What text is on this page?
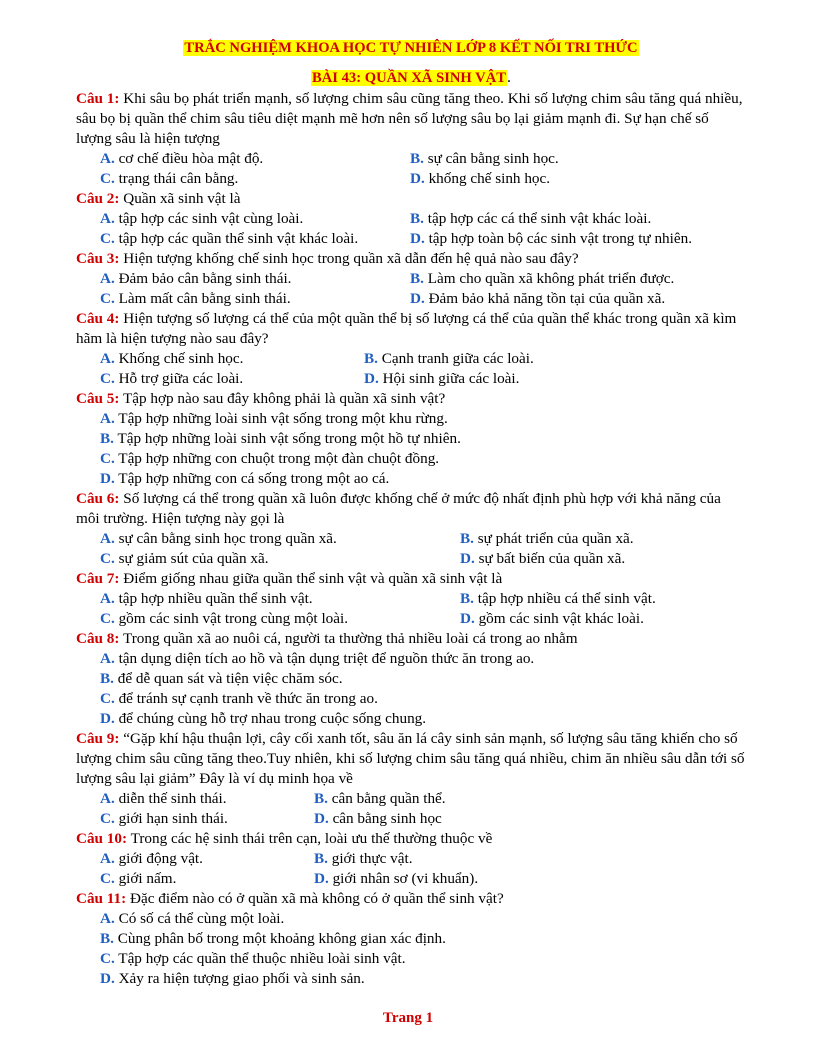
TRẮC NGHIỆM KHOA HỌC TỰ NHIÊN LỚP 8 KẾT NỐI TRI THỨC
BÀI 43: QUẦN XÃ SINH VẬT.
Câu 1: Khi sâu bọ phát triển mạnh, số lượng chim sâu cũng tăng theo. Khi số lượng chim sâu tăng quá nhiều, sâu bọ bị quần thể chim sâu tiêu diệt mạnh mẽ hơn nên số lượng sâu bọ lại giảm mạnh đi. Sự hạn chế số lượng sâu là hiện tượng
A. cơ chế điều hòa mật độ.	B. sự cân bằng sinh học.
C. trạng thái cân bằng.	D. khống chế sinh học.
Câu 2: Quần xã sinh vật là
A. tập hợp các sinh vật cùng loài.	B. tập hợp các cá thể sinh vật khác loài.
C. tập hợp các quần thể sinh vật khác loài.	D. tập hợp toàn bộ các sinh vật trong tự nhiên.
Câu 3: Hiện tượng khống chế sinh học trong quần xã dẫn đến hệ quả nào sau đây?
A. Đảm bảo cân bằng sinh thái.	B. Làm cho quần xã không phát triển được.
C. Làm mất cân bằng sinh thái.	D. Đảm bảo khả năng tồn tại của quần xã.
Câu 4: Hiện tượng số lượng cá thể của một quần thể bị số lượng cá thể của quần thể khác trong quần xã kìm hãm là hiện tượng nào sau đây?
A. Khống chế sinh học.	B. Cạnh tranh giữa các loài.
C. Hỗ trợ giữa các loài.	D. Hội sinh giữa các loài.
Câu 5: Tập hợp nào sau đây không phải là quần xã sinh vật?
A. Tập hợp những loài sinh vật sống trong một khu rừng.
B. Tập hợp những loài sinh vật sống trong một hồ tự nhiên.
C. Tập hợp những con chuột trong một đàn chuột đồng.
D. Tập hợp những con cá sống trong một ao cá.
Câu 6: Số lượng cá thể trong quần xã luôn được khống chế ở mức độ nhất định phù hợp với khả năng của môi trường. Hiện tượng này gọi là
A. sự cân bằng sinh học trong quần xã.	B. sự phát triển của quần xã.
C. sự giảm sút của quần xã.	D. sự bất biến của quần xã.
Câu 7: Điểm giống nhau giữa quần thể sinh vật và quần xã sinh vật là
A. tập hợp nhiều quần thể sinh vật.	B. tập hợp nhiều cá thể sinh vật.
C. gồm các sinh vật trong cùng một loài.	D. gồm các sinh vật khác loài.
Câu 8: Trong quần xã ao nuôi cá, người ta thường thả nhiều loài cá trong ao nhằm
A. tận dụng diện tích ao hồ và tận dụng triệt để nguồn thức ăn trong ao.
B. để dễ quan sát và tiện việc chăm sóc.
C. để tránh sự cạnh tranh về thức ăn trong ao.
D. để chúng cùng hỗ trợ nhau trong cuộc sống chung.
Câu 9: “Gặp khí hậu thuận lợi, cây cối xanh tốt, sâu ăn lá cây sinh sản mạnh, số lượng sâu tăng khiến cho số lượng chim sâu cũng tăng theo.Tuy nhiên, khi số lượng chim sâu tăng quá nhiều, chim ăn nhiều sâu dẫn tới số lượng sâu lại giảm” Đây là ví dụ minh họa về
A. diễn thế sinh thái.	B. cân bằng quần thể.
C. giới hạn sinh thái.	D. cân bằng sinh học
Câu 10: Trong các hệ sinh thái trên cạn, loài ưu thế thường thuộc về
A. giới động vật.	B. giới thực vật.
C. giới nấm.	D. giới nhân sơ (vi khuẩn).
Câu 11: Đặc điểm nào có ở quần xã mà không có ở quần thể sinh vật?
A. Có số cá thể cùng một loài.
B. Cùng phân bố trong một khoảng không gian xác định.
C. Tập hợp các quần thể thuộc nhiều loài sinh vật.
D. Xảy ra hiện tượng giao phối và sinh sản.
Trang 1
